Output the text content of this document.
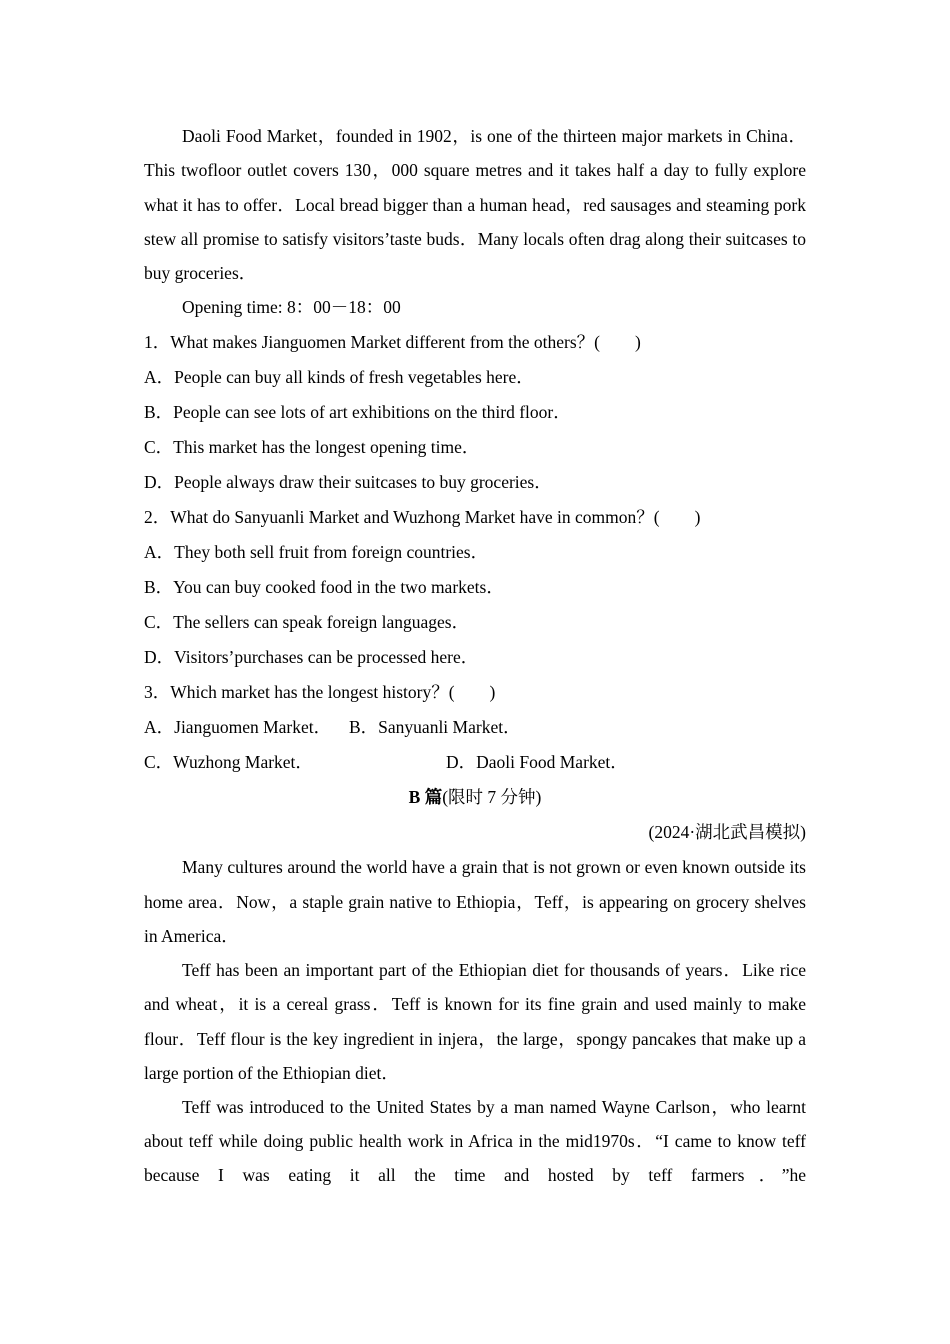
Daoli Food Market，founded in 1902，is one of the thirteen major markets in China．This twofloor outlet covers 130，000 square metres and it takes half a day to fully explore what it has to offer．Local bread bigger than a human head，red sausages and steaming pork stew all promise to satisfy visitors’taste buds．Many locals often drag along their suitcases to buy groceries．

Opening time: 8：00－18：00

1．What makes Jianguomen Market different from the others？(　　)

A．People can buy all kinds of fresh vegetables here．

B．People can see lots of art exhibitions on the third floor．

C．This market has the longest opening time．

D．People always draw their suitcases to buy groceries．

2．What do Sanyuanli Market and Wuzhong Market have in common？(　　)

A．They both sell fruit from foreign countries．

B．You can buy cooked food in the two markets．

C．The sellers can speak foreign languages．

D．Visitors’purchases can be processed here．

3．Which market has the longest history？(　　)

A．Jianguomen Market． B．Sanyuanli Market．
C．Wuzhong Market．	D．Daoli Food Market．

B 篇(限时 7 分钟)

(2024·湖北武昌模拟)

Many cultures around the world have a grain that is not grown or even known outside its home area．Now，a staple grain native to Ethiopia，Teff，is appearing on grocery shelves in America．

Teff has been an important part of the Ethiopian diet for thousands of years．Like rice and wheat，it is a cereal grass．Teff is known for its fine grain and used mainly to make flour．Teff flour is the key ingredient in injera，the large，spongy pancakes that make up a large portion of the Ethiopian diet．

Teff was introduced to the United States by a man named Wayne Carlson，who learnt about teff while doing public health work in Africa in the mid1970s．“I came to know teff because I was eating it all the time and hosted by teff farmers．”he
